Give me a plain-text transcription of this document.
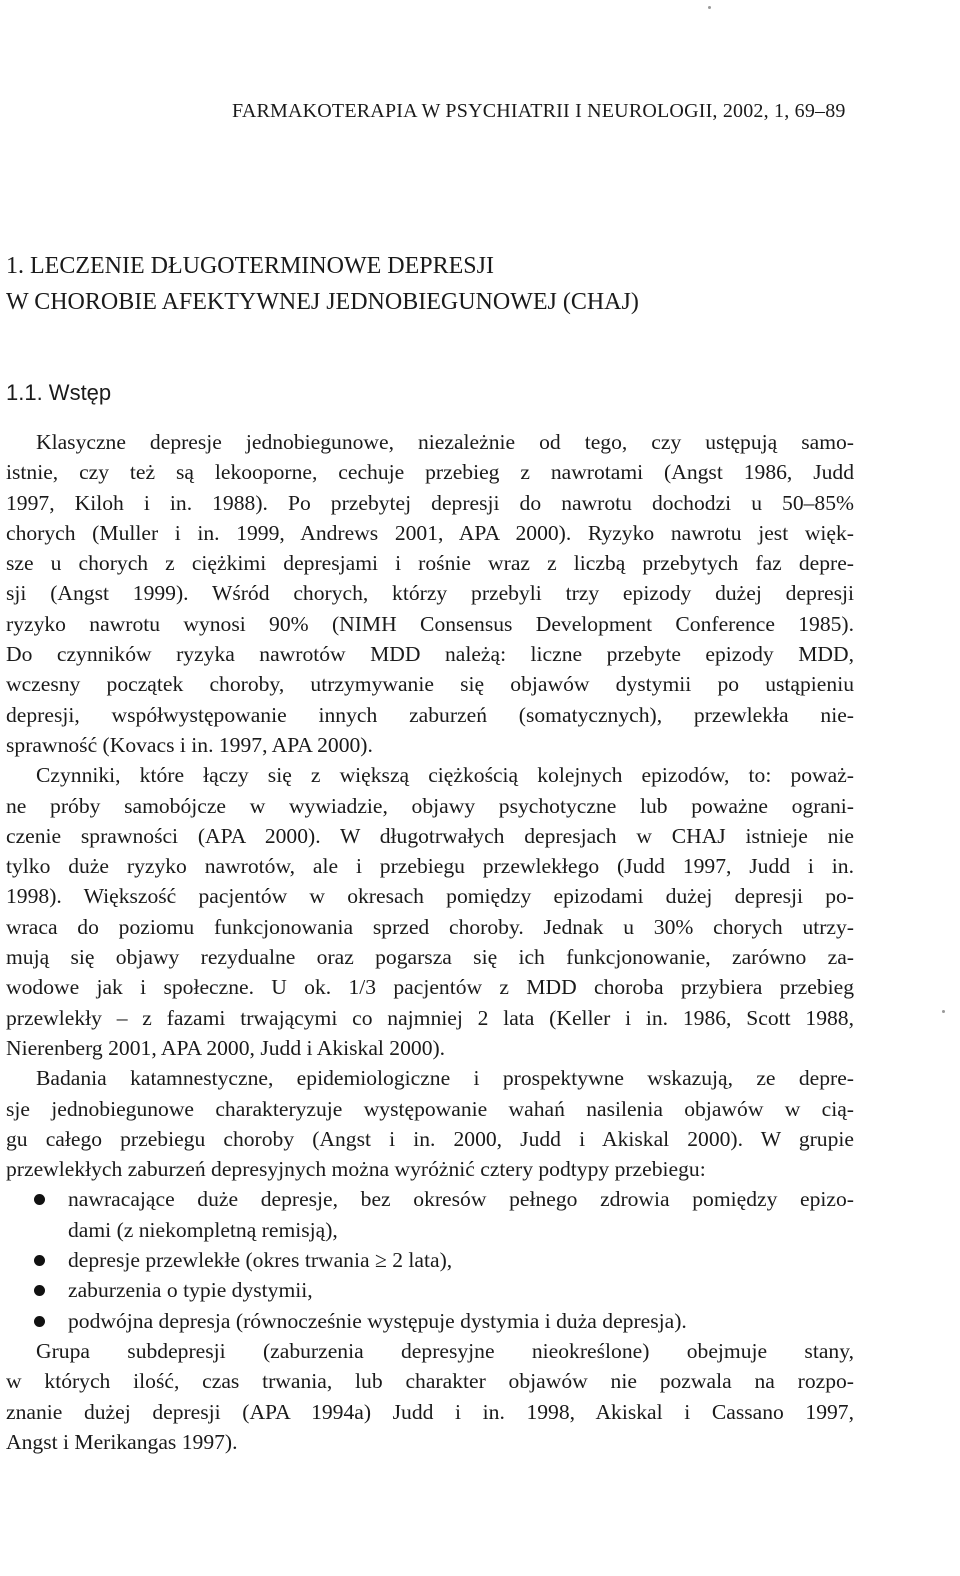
FARMAKOTERAPIA W PSYCHIATRII I NEUROLOGII, 2002, 1, 69–89
1. LECZENIE DŁUGOTERMINOWE DEPRESJI
W CHOROBIE AFEKTYWNEJ JEDNOBIEGUNOWEJ (CHAJ)
1.1. Wstęp
Klasyczne depresje jednobiegunowe, niezależnie od tego, czy ustępują samo-
istnie, czy też są lekooporne, cechuje przebieg z nawrotami (Angst 1986, Judd
1997, Kiloh i in. 1988). Po przebytej depresji do nawrotu dochodzi u 50–85%
chorych (Muller i in. 1999, Andrews 2001, APA 2000). Ryzyko nawrotu jest więk-
sze u chorych z ciężkimi depresjami i rośnie wraz z liczbą przebytych faz depre-
sji (Angst 1999). Wśród chorych, którzy przebyli trzy epizody dużej depresji
ryzyko nawrotu wynosi 90% (NIMH Consensus Development Conference 1985).
Do czynników ryzyka nawrotów MDD należą: liczne przebyte epizody MDD,
wczesny początek choroby, utrzymywanie się objawów dystymii po ustąpieniu
depresji, współwystępowanie innych zaburzeń (somatycznych), przewlekła nie-
sprawność (Kovacs i in. 1997, APA 2000).
Czynniki, które łączy się z większą ciężkością kolejnych epizodów, to: poważ-
ne próby samobójcze w wywiadzie, objawy psychotyczne lub poważne ograni-
czenie sprawności (APA 2000). W długotrwałych depresjach w CHAJ istnieje nie
tylko duże ryzyko nawrotów, ale i przebiegu przewlekłego (Judd 1997, Judd i in.
1998). Większość pacjentów w okresach pomiędzy epizodami dużej depresji po-
wraca do poziomu funkcjonowania sprzed choroby. Jednak u 30% chorych utrzy-
mują się objawy rezydualne oraz pogarsza się ich funkcjonowanie, zarówno za-
wodowe jak i społeczne. U ok. 1/3 pacjentów z MDD choroba przybiera przebieg
przewlekły – z fazami trwającymi co najmniej 2 lata (Keller i in. 1986, Scott 1988,
Nierenberg 2001, APA 2000, Judd i Akiskal 2000).
Badania katamnestyczne, epidemiologiczne i prospektywne wskazują, ze depre-
sje jednobiegunowe charakteryzuje występowanie wahań nasilenia objawów w cią-
gu całego przebiegu choroby (Angst i in. 2000, Judd i Akiskal 2000). W grupie
przewlekłych zaburzeń depresyjnych można wyróżnić cztery podtypy przebiegu:
nawracające duże depresje, bez okresów pełnego zdrowia pomiędzy epizo-
dami (z niekompletną remisją),
depresje przewlekłe (okres trwania ≥ 2 lata),
zaburzenia o typie dystymii,
podwójna depresja (równocześnie występuje dystymia i duża depresja).
Grupa subdepresji (zaburzenia depresyjne nieokreślone) obejmuje stany,
w których ilość, czas trwania, lub charakter objawów nie pozwala na rozpo-
znanie dużej depresji (APA 1994a) Judd i in. 1998, Akiskal i Cassano 1997,
Angst i Merikangas 1997).
